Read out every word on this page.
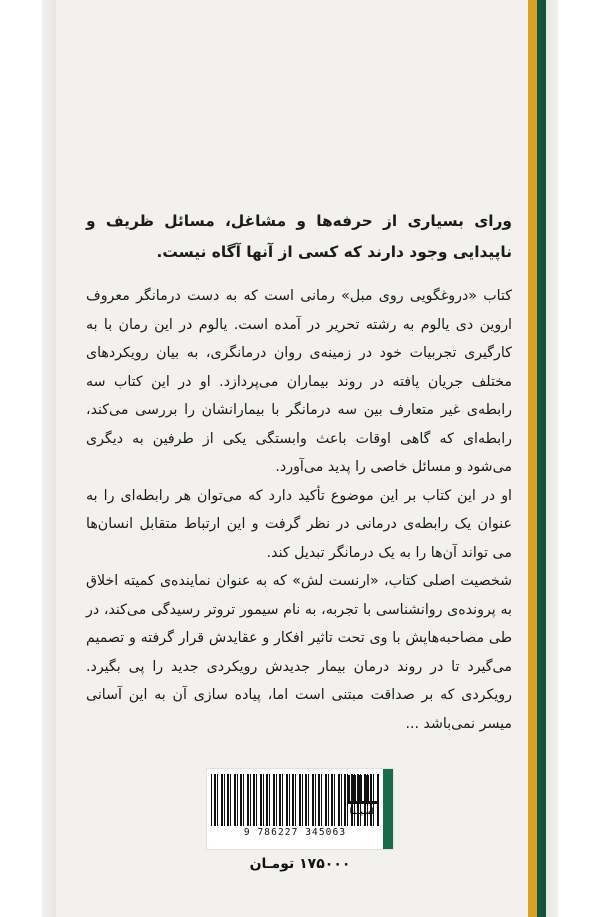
ورای بسیاری از حرفه‌ها و مشاغل، مسائل ظریف و ناپیدایی وجود دارند که کسی از آنها آگاه نیست.

کتاب «دروغگویی روی مبل» رمانی است که به دست درمانگر معروف اروین دی یالوم به رشته تحریر در آمده است. یالوم در این رمان با به کارگیری تجربیات خود در زمینه‌ی روان درمانگری، به بیان رویکردهای مختلف جریان یافته در روند بیماران می‌پردازد. او در این کتاب سه رابطه‌ی غیر متعارف بین سه درمانگر با بیمارانشان را بررسی می‌کند، رابطه‌ای که گاهی اوقات باعث وابستگی یکی از طرفین به دیگری می‌شود و مسائل خاصی را پدید می‌آورد.

او در این کتاب بر این موضوع تأکید دارد که می‌توان هر رابطه‌ای را به عنوان یک رابطه‌ی درمانی در نظر گرفت و این ارتباط متقابل انسان‌ها می تواند آن‌ها را به یک درمانگر تبدیل کند.

شخصیت اصلی کتاب، «ارنست لش» که به عنوان نماینده‌ی کمیته اخلاق به پرونده‌ی روانشناسی با تجربه، به نام سیمور تروتر رسیدگی می‌کند، در طی مصاحبه‌هایش با وی تحت تاثیر افکار و عقایدش قرار گرفته و تصمیم می‌گیرد تا در روند درمان بیمار جدیدش رویکردی جدید را پی بگیرد. رویکردی که بر صداقت مبتنی است اما، پیاده سازی آن به این آسانی میسر نمی‌باشد ...

اسپینا
9 786227 345063
۱۷۵۰۰۰ تومـان
